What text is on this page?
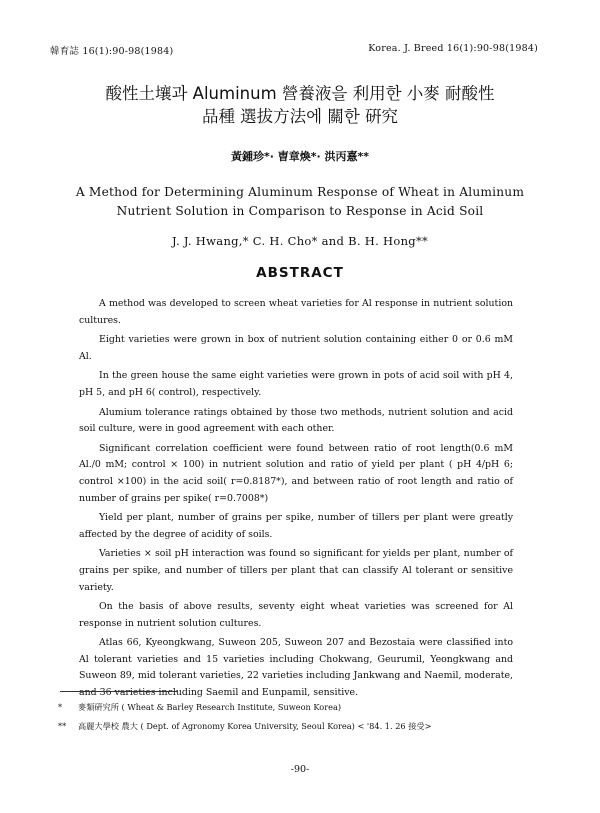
韓育誌 16(1):90-98(1984)	Korea. J. Breed 16(1):90-98(1984)
酸性土壤과 Aluminum 營養液을 利用한 小麥 耐酸性
品種 選拔方法에 關한 硏究
黃鍾珍*· 曺章煥*· 洪丙憙**
A Method for Determining Aluminum Response of Wheat in Aluminum
Nutrient Solution in Comparison to Response in Acid Soil
J. J. Hwang,* C. H. Cho* and B. H. Hong**
ABSTRACT

A method was developed to screen wheat varieties for Al response in nutrient solution cultures.

Eight varieties were grown in box of nutrient solution containing either 0 or 0.6 mM Al.

In the green house the same eight varieties were grown in pots of acid soil with pH 4, pH 5, and pH 6( control), respectively.

Alumium tolerance ratings obtained by those two methods, nutrient solution and acid soil culture, were in good agreement with each other.

Significant correlation coefficient were found between ratio of root length(0.6 mM Al./0 mM; control × 100) in nutrient solution and ratio of yield per plant ( pH 4/pH 6; control ×100) in the acid soil( r=0.8187*), and between ratio of root length and ratio of number of grains per spike( r=0.7008*)

Yield per plant, number of grains per spike, number of tillers per plant were greatly affected by the degree of acidity of soils.

Varieties × soil pH interaction was found so significant for yields per plant, number of grains per spike, and number of tillers per plant that can classify Al tolerant or sensitive variety.

On the basis of above results, seventy eight wheat varieties was screened for Al response in nutrient solution cultures.

Atlas 66, Kyeongkwang, Suweon 205, Suweon 207 and Bezostaia were classified into Al tolerant varieties and 15 varieties including Chokwang, Geurumil, Yeongkwang and Suweon 89, mid tolerant varieties, 22 varieties including Jankwang and Naemil, moderate, and 36 varieties including Saemil and Eunpamil, sensitive.

* 麥類硏究所 ( Wheat & Barley Research Institute, Suweon Korea)
** 高麗大學校 農大 ( Dept. of Agronomy Korea University, Seoul Korea) < '84. 1. 26 接受>
-90-
